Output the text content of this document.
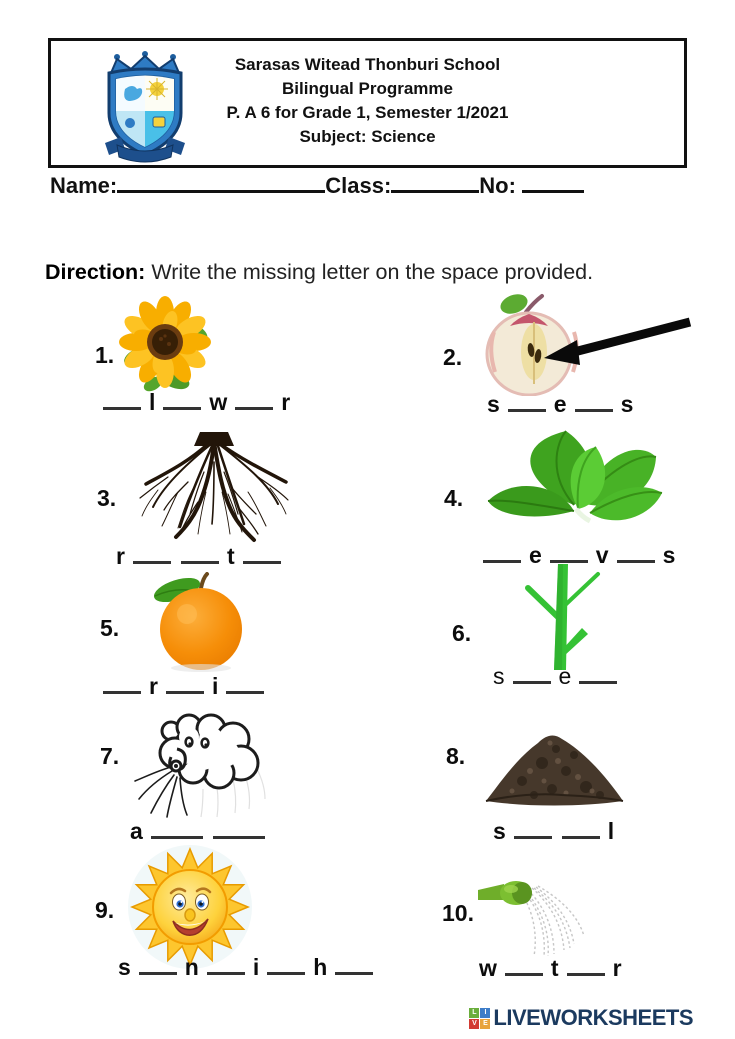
Sarasas Witead Thonburi School
Bilingual Programme
P. A 6 for Grade 1, Semester 1/2021
Subject: Science
Name:	Class:	No:
Direction: Write the missing letter on the space provided.
1.
l w r
2.
s e s
3.
r	t
4.
e v s
5.
r i
6.
s e
7.
a
8.
s	l
9.
s n i h
10.
w t r
L	I
V E LIVEWORKSHEETS
